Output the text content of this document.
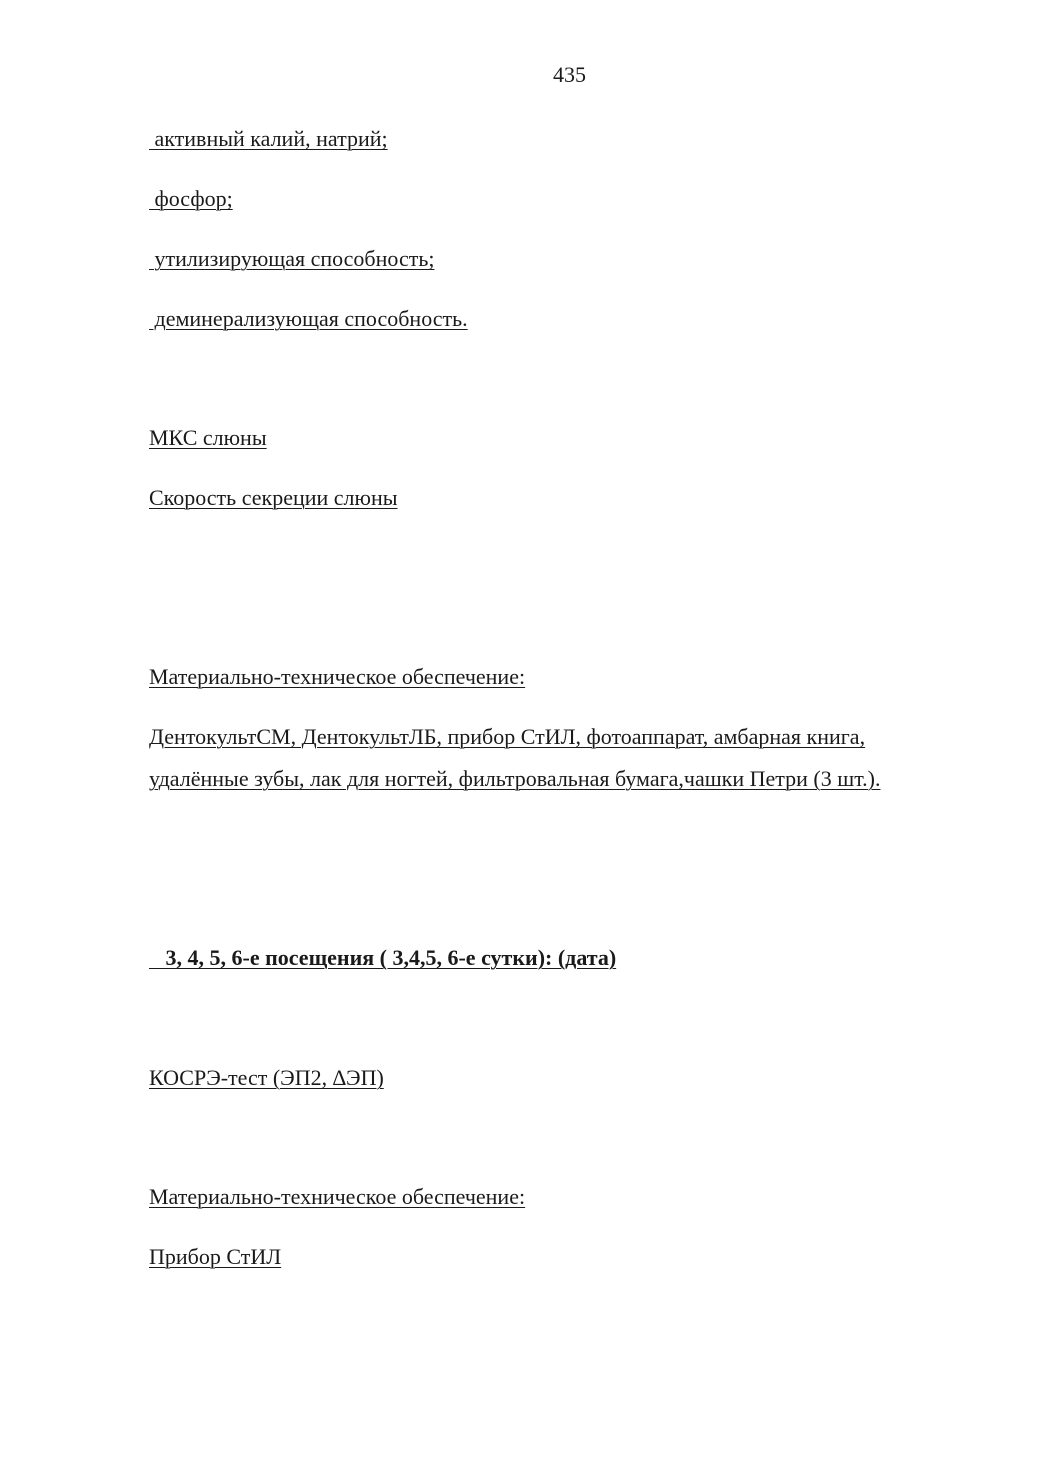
435
активный калий, натрий;
фосфор;
утилизирующая способность;
деминерализующая способность.
МКС слюны
Скорость секреции слюны
Материально-техническое обеспечение:
ДентокультСМ, ДентокультЛБ, прибор СтИЛ, фотоаппарат, амбарная книга,
удалённые зубы, лак для ногтей, фильтровальная бумага,чашки Петри (3 шт.).
3, 4, 5, 6-е посещения ( 3,4,5, 6-е сутки): (дата)
КОСРЭ-тест (ЭП2, ∆ЭП)
Материально-техническое обеспечение:
Прибор СтИЛ
